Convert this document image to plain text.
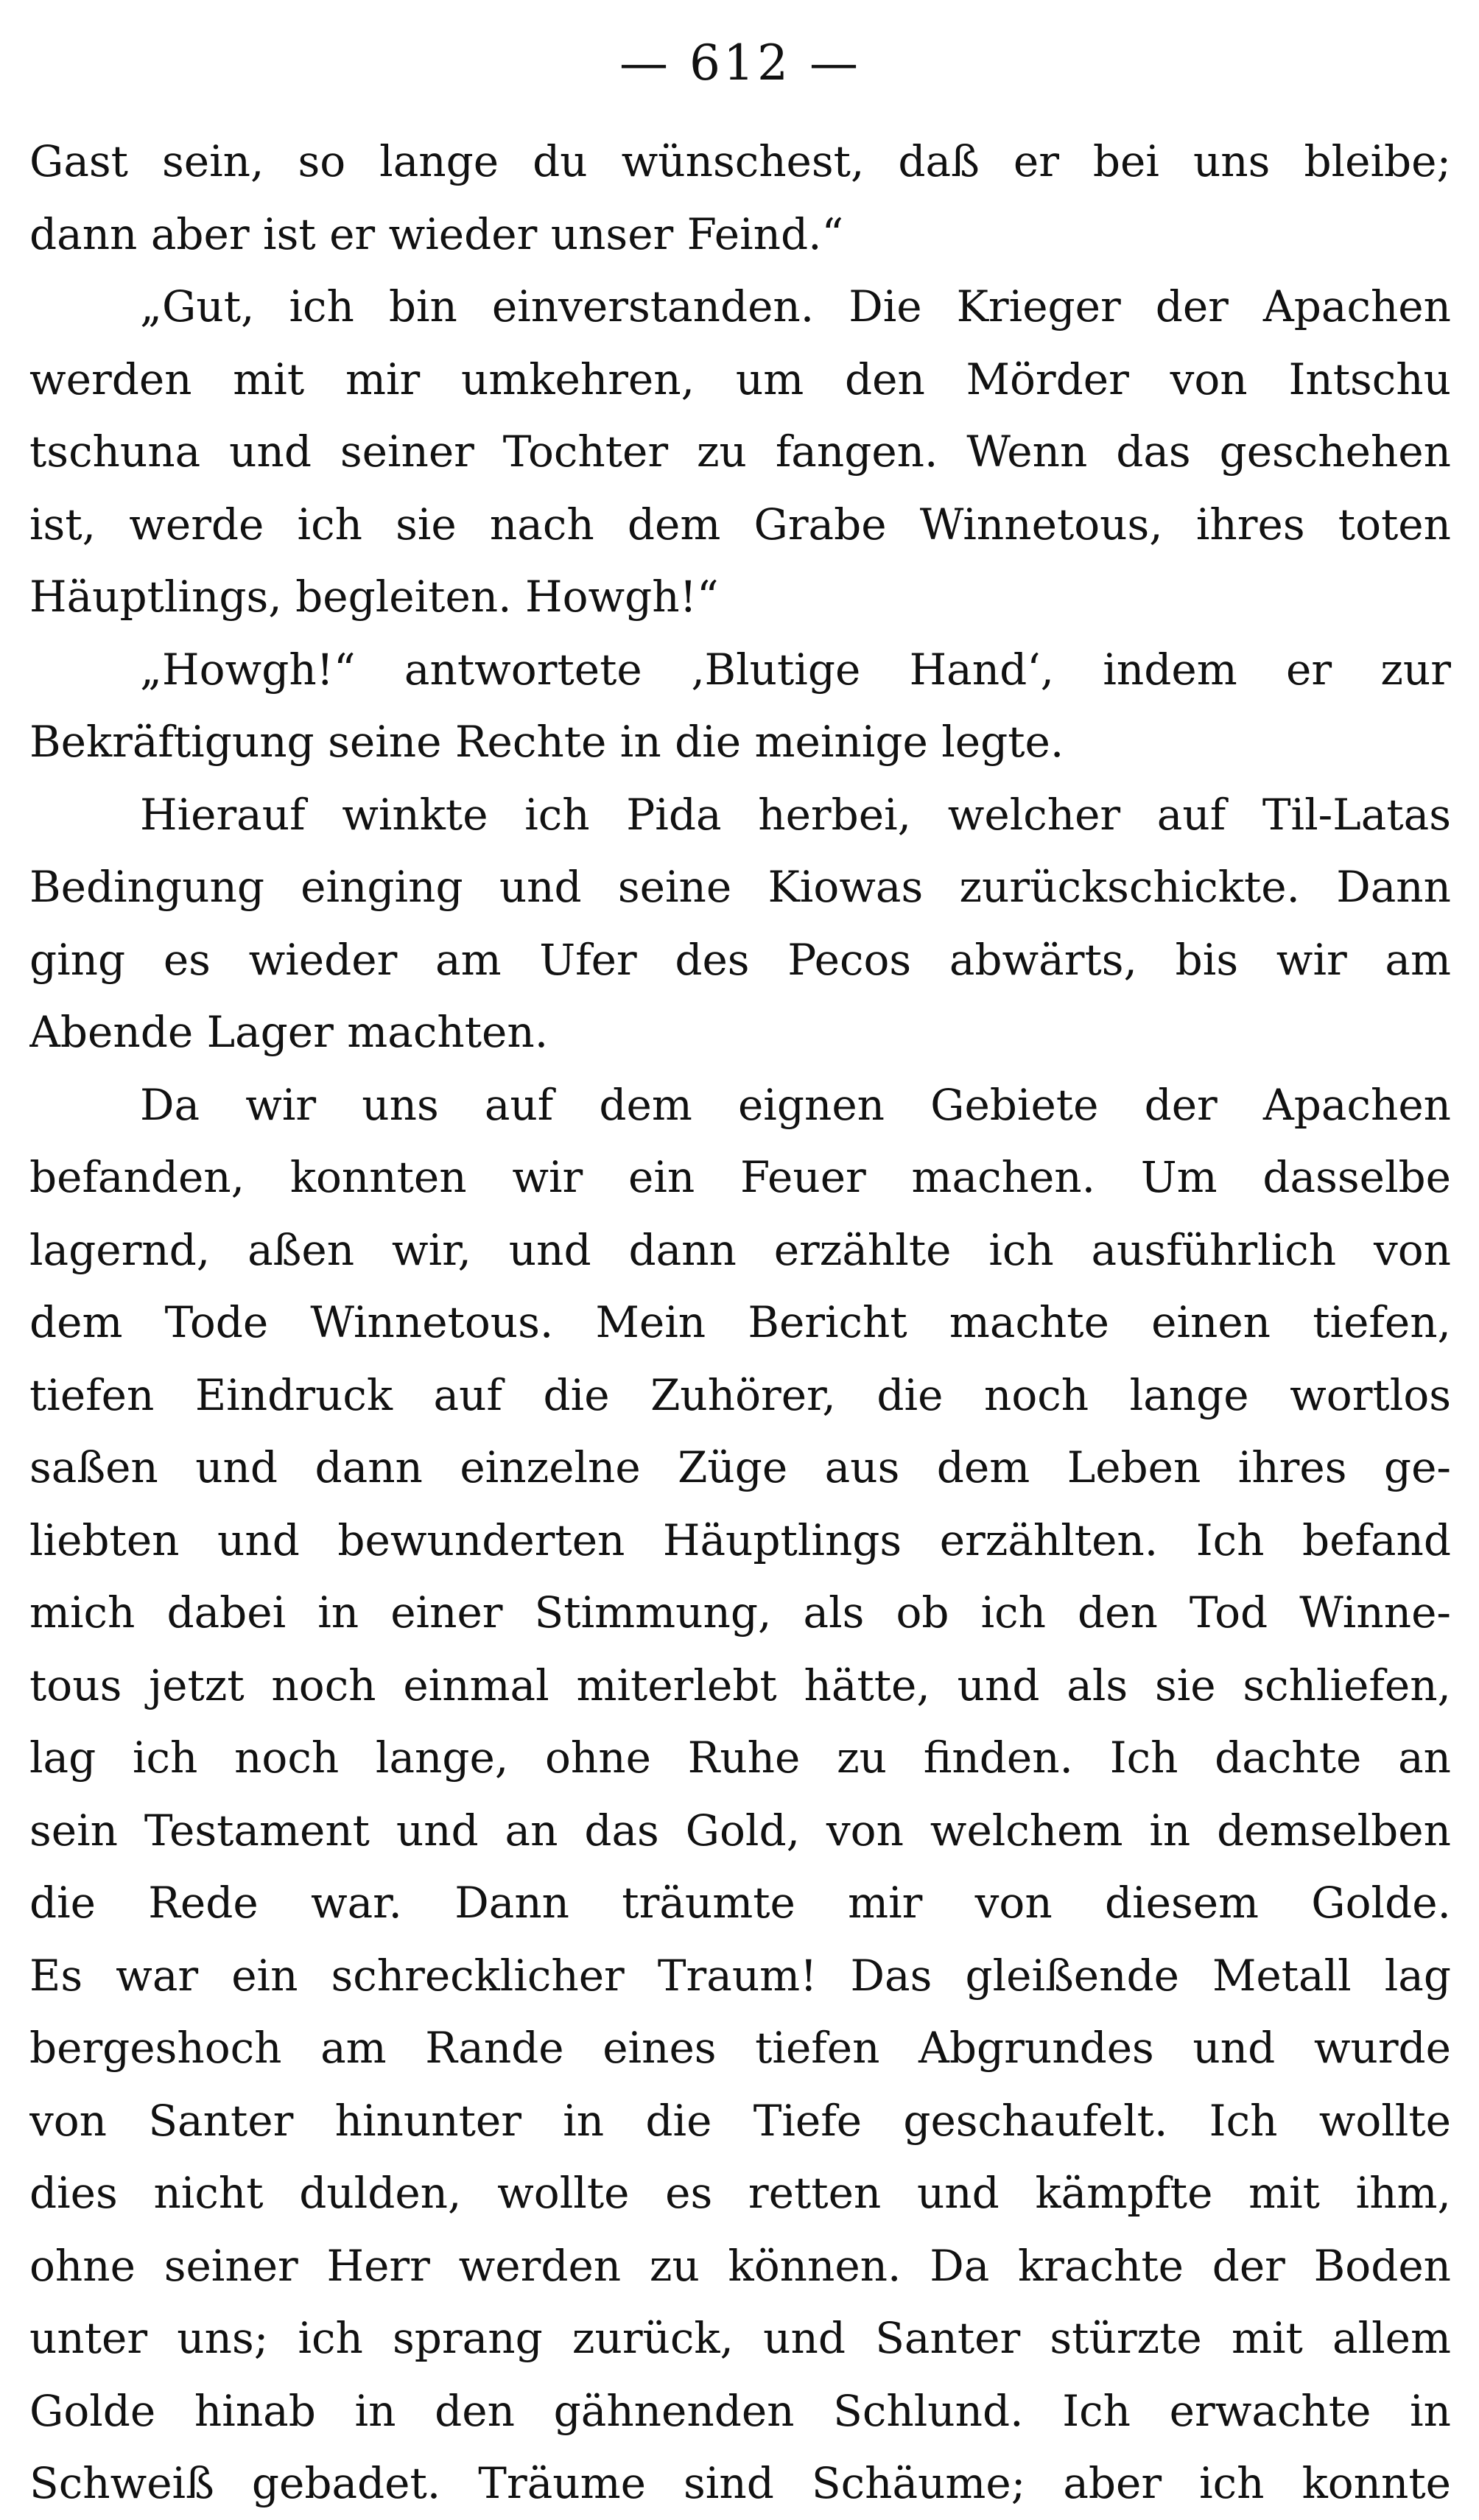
— 612 —

Gast sein, so lange du wünschest, daß er bei uns bleibe;
dann aber ist er wieder unser Feind.“

„Gut, ich bin einverstanden. Die Krieger der Apachen
werden mit mir umkehren, um den Mörder von Intschu
tschuna und seiner Tochter zu fangen. Wenn das geschehen
ist, werde ich sie nach dem Grabe Winnetous, ihres toten
Häuptlings, begleiten. Howgh!“

„Howgh!“ antwortete ‚Blutige Hand‘, indem er zur
Bekräftigung seine Rechte in die meinige legte.

Hierauf winkte ich Pida herbei, welcher auf Til-Latas
Bedingung einging und seine Kiowas zurückschickte. Dann
ging es wieder am Ufer des Pecos abwärts, bis wir am
Abende Lager machten.

Da wir uns auf dem eignen Gebiete der Apachen
befanden, konnten wir ein Feuer machen. Um dasselbe
lagernd, aßen wir, und dann erzählte ich ausführlich von
dem Tode Winnetous. Mein Bericht machte einen tiefen,
tiefen Eindruck auf die Zuhörer, die noch lange wortlos
saßen und dann einzelne Züge aus dem Leben ihres ge-
liebten und bewunderten Häuptlings erzählten. Ich befand
mich dabei in einer Stimmung, als ob ich den Tod Winne-
tous jetzt noch einmal miterlebt hätte, und als sie schliefen,
lag ich noch lange, ohne Ruhe zu finden. Ich dachte an
sein Testament und an das Gold, von welchem in demselben
die Rede war. Dann träumte mir von diesem Golde.
Es war ein schrecklicher Traum! Das gleißende Metall lag
bergeshoch am Rande eines tiefen Abgrundes und wurde
von Santer hinunter in die Tiefe geschaufelt. Ich wollte
dies nicht dulden, wollte es retten und kämpfte mit ihm,
ohne seiner Herr werden zu können. Da krachte der Boden
unter uns; ich sprang zurück, und Santer stürzte mit allem
Golde hinab in den gähnenden Schlund. Ich erwachte in
Schweiß gebadet. Träume sind Schäume; aber ich konnte
